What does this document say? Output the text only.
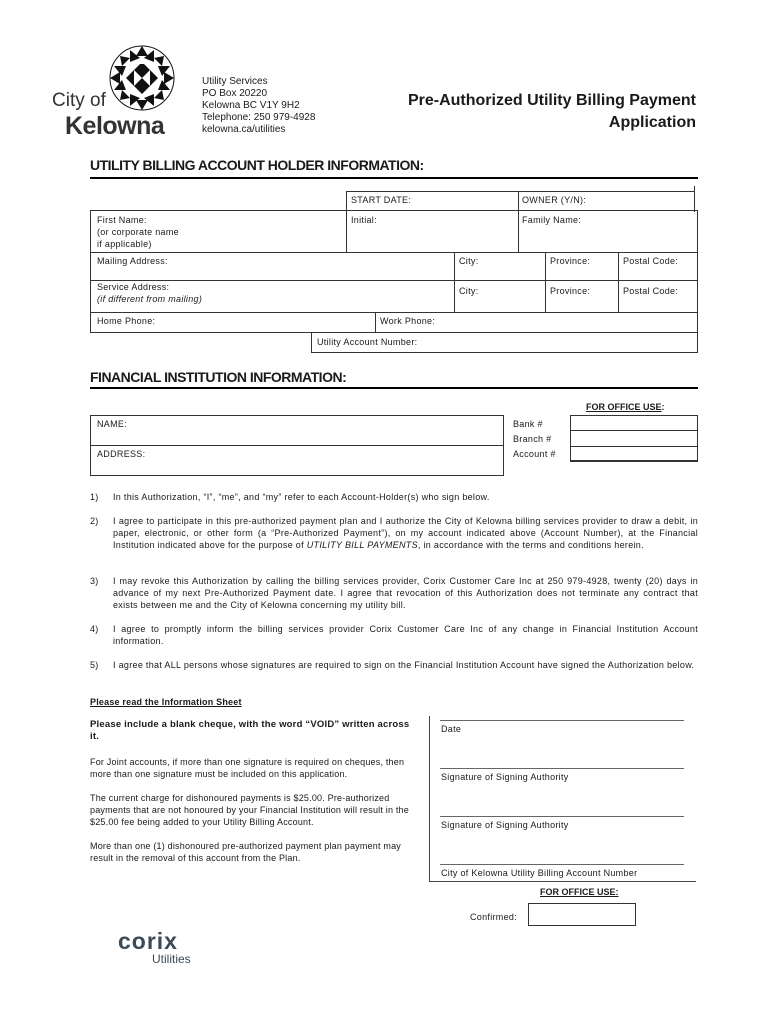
City of
Kelowna
Utility Services
PO Box 20220
Kelowna BC V1Y 9H2
Telephone: 250 979-4928
kelowna.ca/utilities
Pre-Authorized Utility Billing Payment
Application
UTILITY BILLING ACCOUNT HOLDER INFORMATION:
START DATE:	OWNER (Y/N):
First Name:
(or corporate name
if applicable)
Initial:	Family Name:
Mailing Address:	City:	Province:	Postal Code:
Service Address:
(if different from mailing)
City:	Province:	Postal Code:
Home Phone:	Work Phone:
Utility Account Number:
FINANCIAL INSTITUTION INFORMATION:
FOR OFFICE USE:
NAME:
ADDRESS:
Bank #
Branch #
Account #
1) In this Authorization, “I”, “me”, and “my” refer to each Account-Holder(s) who sign below.
2) I agree to participate in this pre-authorized payment plan and I authorize the City of Kelowna billing services provider to draw a debit, in paper, electronic, or other form (a “Pre-Authorized Payment”), on my account indicated above (Account Number), at the Financial Institution indicated above for the purpose of UTILITY BILL PAYMENTS, in accordance with the terms and conditions herein.
3) I may revoke this Authorization by calling the billing services provider, Corix Customer Care Inc at 250 979-4928, twenty (20) days in advance of my next Pre-Authorized Payment date. I agree that revocation of this Authorization does not terminate any contract that exists between me and the City of Kelowna concerning my utility bill.
4) I agree to promptly inform the billing services provider Corix Customer Care Inc of any change in Financial Institution Account information.
5) I agree that ALL persons whose signatures are required to sign on the Financial Institution Account have signed the Authorization below.
Please read the Information Sheet
Please include a blank cheque, with the word “VOID” written across it.
For Joint accounts, if more than one signature is required on cheques, then more than one signature must be included on this application.
The current charge for dishonoured payments is $25.00. Pre-authorized payments that are not honoured by your Financial Institution will result in the $25.00 fee being added to your Utility Billing Account.
More than one (1) dishonoured pre-authorized payment plan payment may result in the removal of this account from the Plan.
Date
Signature of Signing Authority
Signature of Signing Authority
City of Kelowna Utility Billing Account Number
FOR OFFICE USE:
Confirmed:
corix
Utilities
